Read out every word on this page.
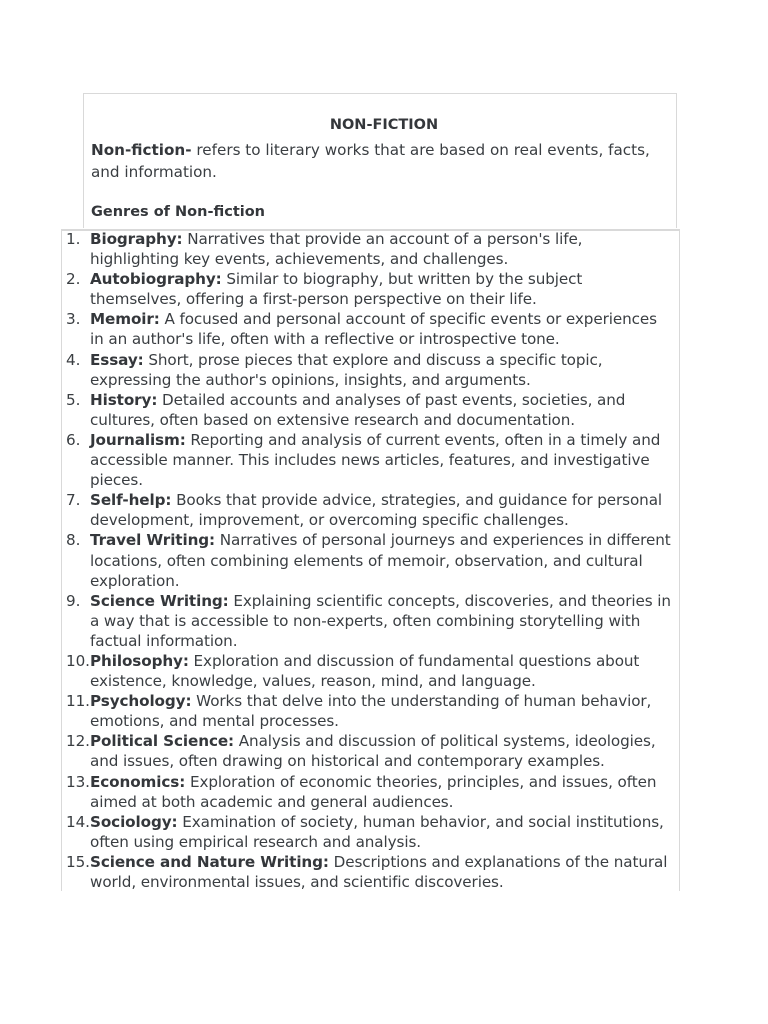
NON-FICTION
Non-fiction- refers to literary works that are based on real events, facts, and information.
Genres of Non-fiction
1. Biography: Narratives that provide an account of a person's life, highlighting key events, achievements, and challenges.
2. Autobiography: Similar to biography, but written by the subject themselves, offering a first-person perspective on their life.
3. Memoir: A focused and personal account of specific events or experiences in an author's life, often with a reflective or introspective tone.
4. Essay: Short, prose pieces that explore and discuss a specific topic, expressing the author's opinions, insights, and arguments.
5. History: Detailed accounts and analyses of past events, societies, and cultures, often based on extensive research and documentation.
6. Journalism: Reporting and analysis of current events, often in a timely and accessible manner. This includes news articles, features, and investigative pieces.
7. Self-help: Books that provide advice, strategies, and guidance for personal development, improvement, or overcoming specific challenges.
8. Travel Writing: Narratives of personal journeys and experiences in different locations, often combining elements of memoir, observation, and cultural exploration.
9. Science Writing: Explaining scientific concepts, discoveries, and theories in a way that is accessible to non-experts, often combining storytelling with factual information.
10. Philosophy: Exploration and discussion of fundamental questions about existence, knowledge, values, reason, mind, and language.
11. Psychology: Works that delve into the understanding of human behavior, emotions, and mental processes.
12. Political Science: Analysis and discussion of political systems, ideologies, and issues, often drawing on historical and contemporary examples.
13. Economics: Exploration of economic theories, principles, and issues, often aimed at both academic and general audiences.
14. Sociology: Examination of society, human behavior, and social institutions, often using empirical research and analysis.
15. Science and Nature Writing: Descriptions and explanations of the natural world, environmental issues, and scientific discoveries.
